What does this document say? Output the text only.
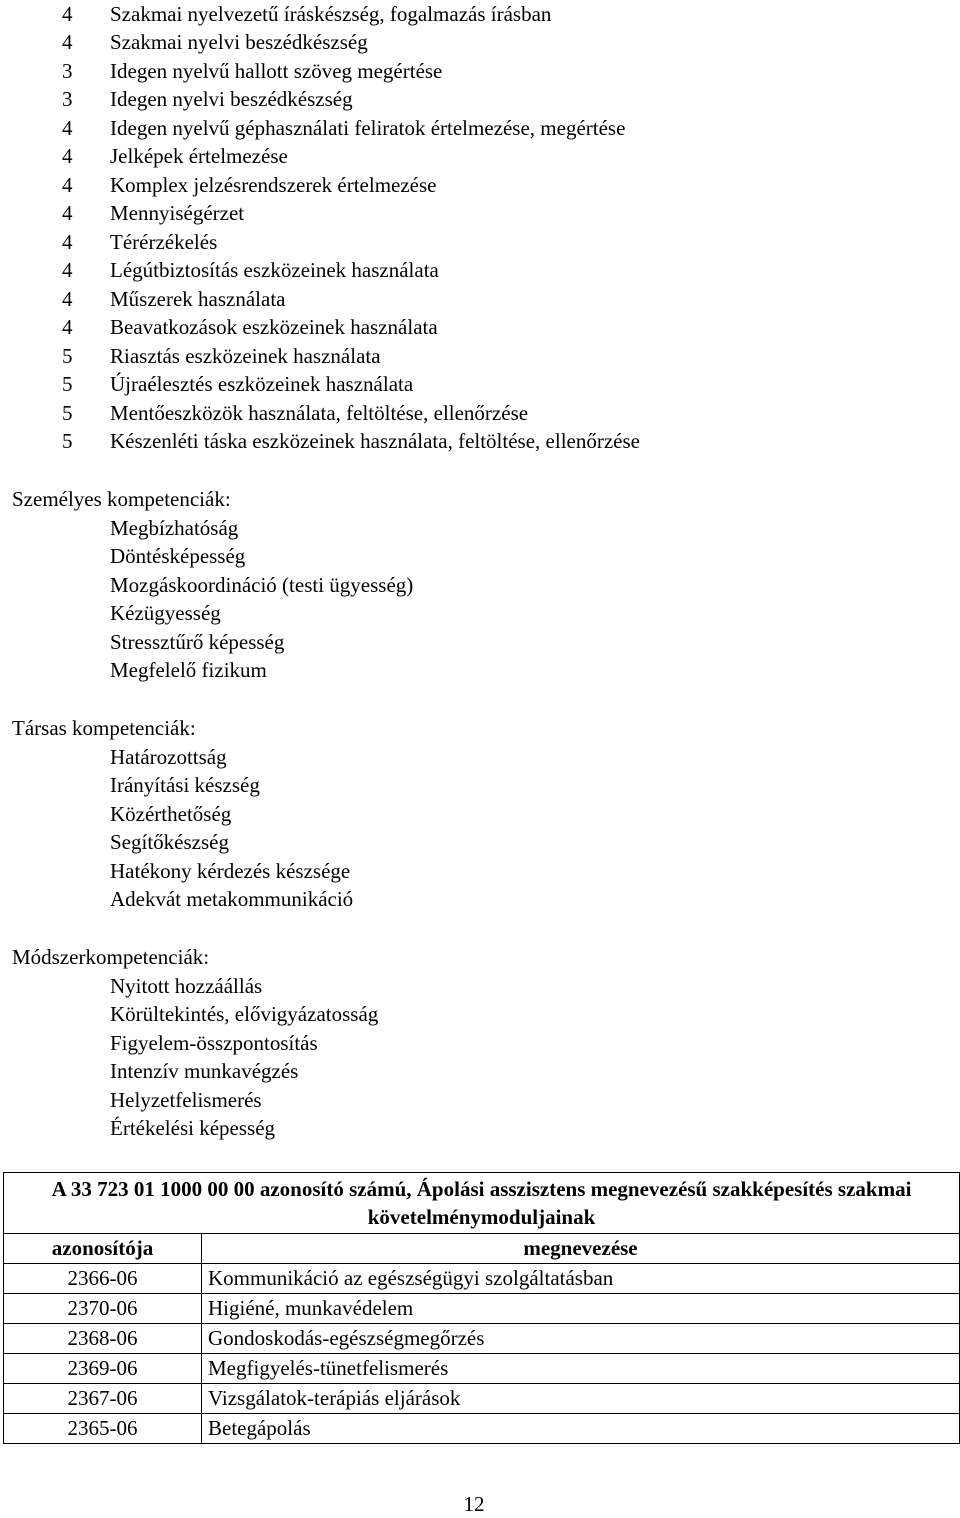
4 Szakmai nyelvezetű íráskészség, fogalmazás írásban
4 Szakmai nyelvi beszédkészség
3 Idegen nyelvű hallott szöveg megértése
3 Idegen nyelvi beszédkészség
4 Idegen nyelvű géphasználati feliratok értelmezése, megértése
4 Jelképek értelmezése
4 Komplex jelzésrendszerek értelmezése
4 Mennyiségérzet
4 Térérzékelés
4 Légútbiztosítás eszközeinek használata
4 Műszerek használata
4 Beavatkozások eszközeinek használata
5 Riasztás eszközeinek használata
5 Újraélesztés eszközeinek használata
5 Mentőeszközök használata, feltöltése, ellenőrzése
5 Készenléti táska eszközeinek használata, feltöltése, ellenőrzése
Személyes kompetenciák:
Megbízhatóság
Döntésképesség
Mozgáskoordináció (testi ügyesség)
Kézügyesség
Stressztűrő képesség
Megfelelő fizikum
Társas kompetenciák:
Határozottság
Irányítási készség
Közérthetőség
Segítőkészség
Hatékony kérdezés készsége
Adekvát metakommunikáció
Módszerkompetenciák:
Nyitott hozzáállás
Körültekintés, elővigyázatosság
Figyelem-összpontosítás
Intenzív munkavégzés
Helyzetfelismerés
Értékelési képesség
A 33 723 01 1000 00 00 azonosító számú, Ápolási asszisztens megnevezésű szakképesítés szakmai követelménymoduljainak	
azonosítója	megnevezése
2366-06	Kommunikáció az egészségügyi szolgáltatásban
2370-06	Higiéné, munkavédelem
2368-06	Gondoskodás-egészségmegőrzés
2369-06	Megfigyelés-tünetfelismerés
2367-06	Vizsgálatok-terápiás eljárások
2365-06	Betegápolás
12
